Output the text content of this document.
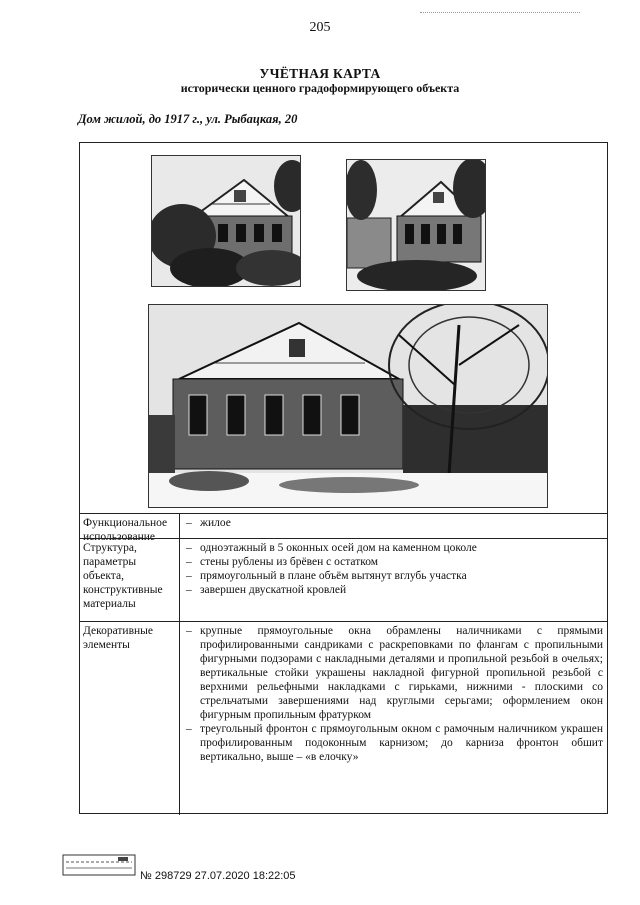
205
УЧЁТНАЯ КАРТА
исторически ценного градоформирующего объекта
Дом жилой, до 1917 г., ул. Рыбацкая, 20
Функциональное использование
– жилое
Структура, параметры объекта, конструктивные материалы
– одноэтажный в 5 оконных осей дом на каменном цоколе
– стены рублены из брёвен с остатком
– прямоугольный в плане объём вытянут вглубь участка
– завершен двускатной кровлей
Декоративные элементы
– крупные прямоугольные окна обрамлены наличниками с прямыми профилированными сандриками с раскреповками по флангам с пропильными фигурными подзорами с накладными деталями и пропильной резьбой в очельях; вертикальные стойки украшены накладной фигурной пропильной резьбой с верхними рельефными накладками с гирьками, нижними - плоскими со стрельчатыми завершениями над круглыми серьгами; оформлением окон фигурным пропильным фратурком
– треугольный фронтон с прямоугольным окном с рамочным наличником украшен профилированным подоконным карнизом; до карниза фронтон обшит вертикально, выше – «в елочку»
№ 298729 27.07.2020 18:22:05
